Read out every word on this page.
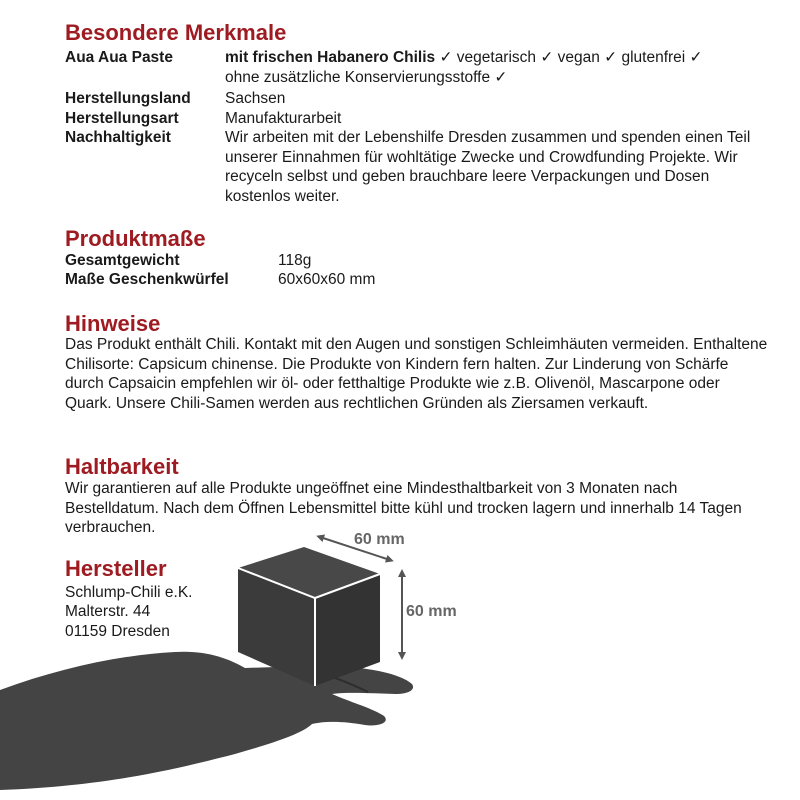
Besondere Merkmale
Aua Aua Paste	mit frischen Habanero Chilis ✓ vegetarisch ✓ vegan ✓ glutenfrei ✓
ohne zusätzliche Konservierungsstoffe ✓
Herstellungsland	Sachsen
Herstellungsart	Manufakturarbeit
Nachhaltigkeit	Wir arbeiten mit der Lebenshilfe Dresden zusammen und spenden einen Teil unserer Einnahmen für wohltätige Zwecke und Crowdfunding Projekte. Wir recyceln selbst und geben brauchbare leere Verpackungen und Dosen kostenlos weiter.
Produktmaße
Gesamtgewicht	118g
Maße Geschenkwürfel	60x60x60 mm
Hinweise

Das Produkt enthält Chili. Kontakt mit den Augen und sonstigen Schleimhäuten vermeiden. Enthaltene Chilisorte: Capsicum chinense. Die Produkte von Kindern fern halten. Zur Linderung von Schärfe durch Capsaicin empfehlen wir öl- oder fetthaltige Produkte wie z.B. Olivenöl, Mascarpone oder Quark. Unsere Chili-Samen werden aus rechtlichen Gründen als Ziersamen verkauft.

Haltbarkeit

Wir garantieren auf alle Produkte ungeöffnet eine Mindesthaltbarkeit von 3 Monaten nach Bestelldatum. Nach dem Öffnen Lebensmittel bitte kühl und trocken lagern und innerhalb 14 Tagen verbrauchen.

60 mm
60 mm
Hersteller

Schlump-Chili e.K.

Malterstr. 44

01159 Dresden
